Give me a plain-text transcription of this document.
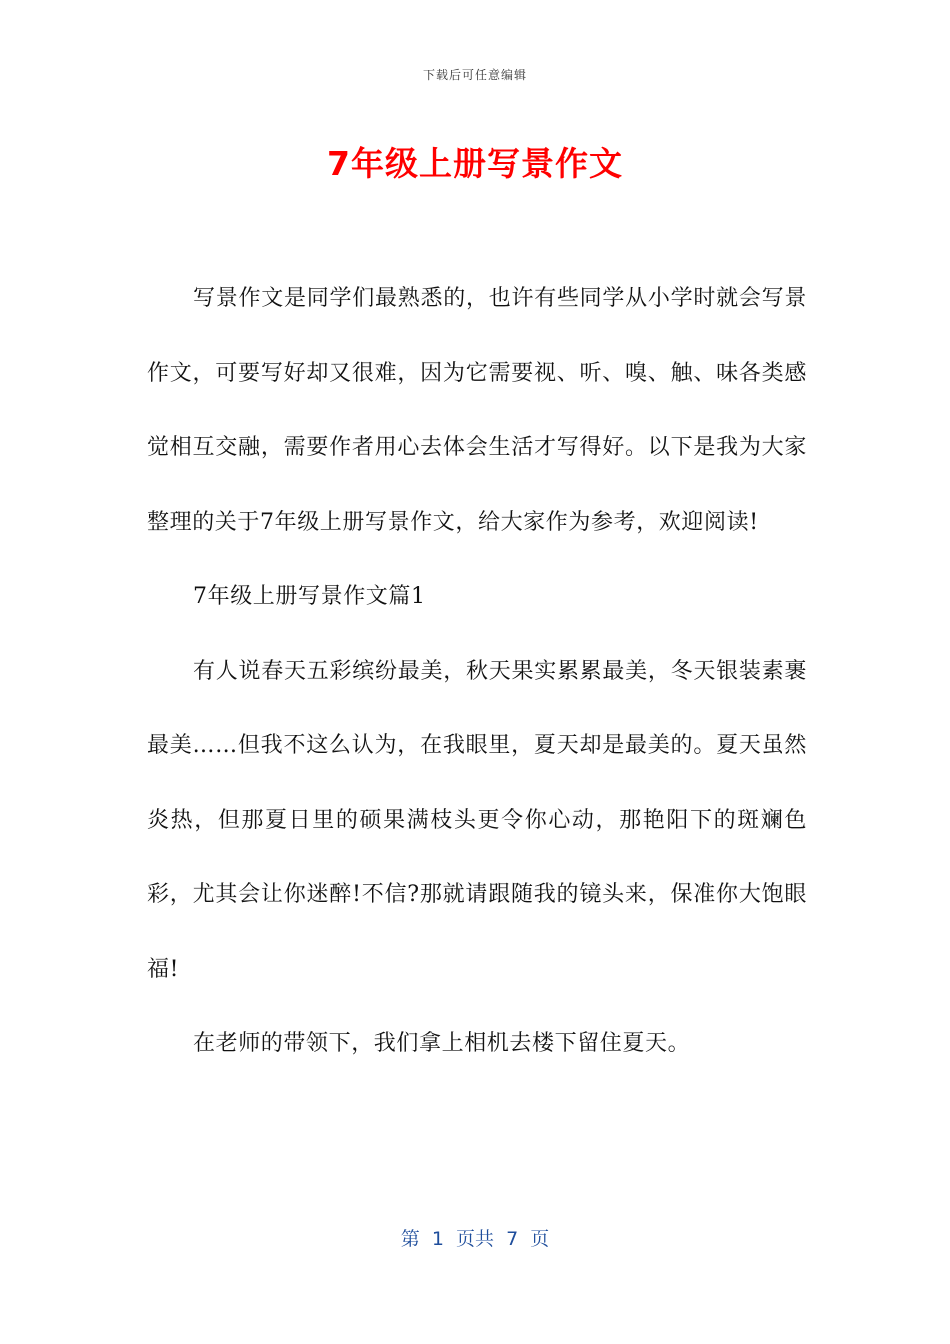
下载后可任意编辑
7年级上册写景作文

写景作文是同学们最熟悉的，也许有些同学从小学时就会写景作文，可要写好却又很难，因为它需要视、听、嗅、触、味各类感觉相互交融，需要作者用心去体会生活才写得好。以下是我为大家整理的关于7年级上册写景作文，给大家作为参考，欢迎阅读!

7年级上册写景作文篇1

有人说春天五彩缤纷最美，秋天果实累累最美，冬天银装素裹最美……但我不这么认为，在我眼里，夏天却是最美的。夏天虽然炎热，但那夏日里的硕果满枝头更令你心动，那艳阳下的斑斓色彩，尤其会让你迷醉!不信?那就请跟随我的镜头来，保准你大饱眼福!

在老师的带领下，我们拿上相机去楼下留住夏天。

第  1  页共  7  页
